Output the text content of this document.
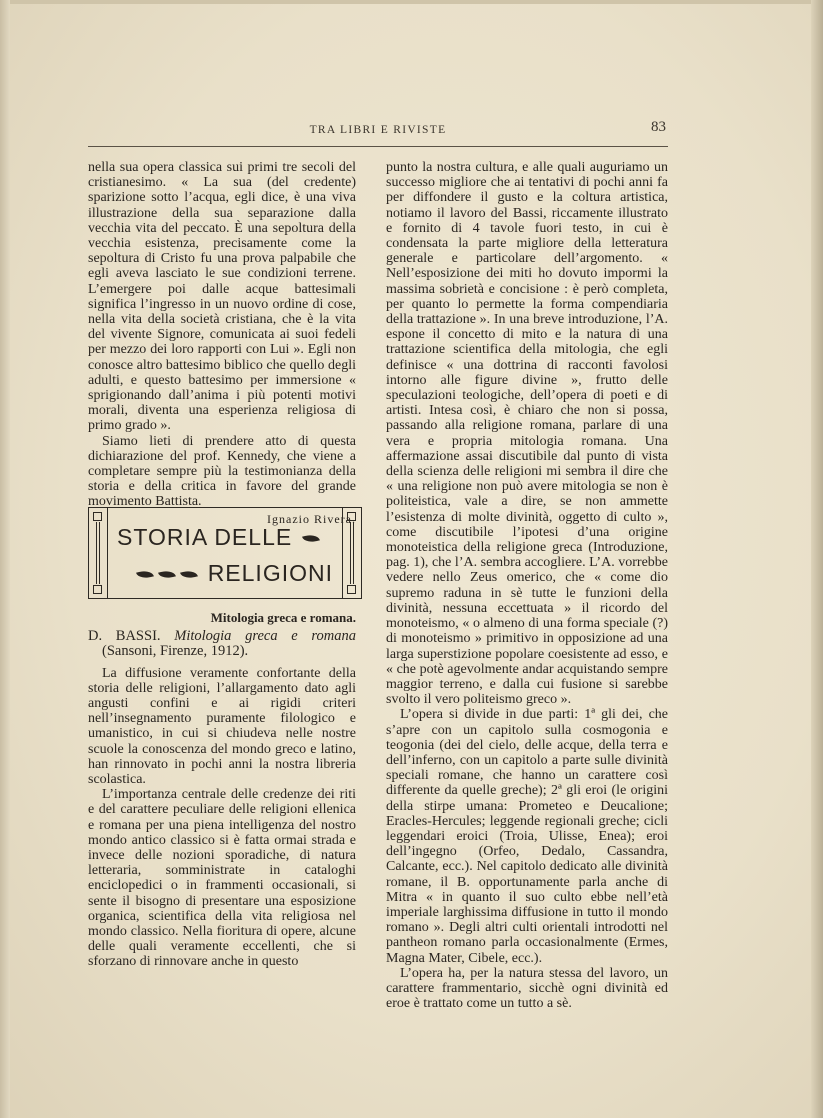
TRA LIBRI E RIVISTE	83

nella sua opera classica sui primi tre secoli del cristianesimo. « La sua (del credente) sparizione sotto l’acqua, egli dice, è una viva illustrazione della sua separazione dalla vecchia vita del peccato. È una sepoltura della vecchia esistenza, precisamente come la sepoltura di Cristo fu una prova palpabile che egli aveva lasciato le sue condizioni terrene. L’emergere poi dalle acque battesimali significa l’ingresso in un nuovo ordine di cose, nella vita della società cristiana, che è la vita del vivente Signore, comunicata ai suoi fedeli per mezzo dei loro rapporti con Lui ». Egli non conosce altro battesimo biblico che quello degli adulti, e questo battesimo per immersione « sprigionando dall’anima i più potenti motivi morali, diventa una esperienza religiosa di primo grado ».

Siamo lieti di prendere atto di questa dichiarazione del prof. Kennedy, che viene a completare sempre più la testimonianza della storia e della critica in favore del grande movimento Battista.

Ignazio Rivera.
STORIA DELLE
RELIGIONI
Mitologia greca e romana.

D. BASSI. Mitologia greca e romana (Sansoni, Firenze, 1912).

La diffusione veramente confortante della storia delle religioni, l’allargamento dato agli angusti confini e ai rigidi criteri nell’insegnamento puramente filologico e umanistico, in cui si chiudeva nelle nostre scuole la conoscenza del mondo greco e latino, han rinnovato in pochi anni la nostra libreria scolastica.

L’importanza centrale delle credenze dei riti e del carattere peculiare delle religioni ellenica e romana per una piena intelligenza del nostro mondo antico classico si è fatta ormai strada e invece delle nozioni sporadiche, di natura letteraria, somministrate in cataloghi enciclopedici o in frammenti occasionali, si sente il bisogno di presentare una esposizione organica, scientifica della vita religiosa nel mondo classico. Nella fioritura di opere, alcune delle quali veramente eccellenti, che si sforzano di rinnovare anche in questo

punto la nostra cultura, e alle quali auguriamo un successo migliore che ai tentativi di pochi anni fa per diffondere il gusto e la coltura artistica, notiamo il lavoro del Bassi, riccamente illustrato e fornito di 4 tavole fuori testo, in cui è condensata la parte migliore della letteratura generale e particolare dell’argomento. « Nell’esposizione dei miti ho dovuto impormi la massima sobrietà e concisione : è però completa, per quanto lo permette la forma compendiaria della trattazione ». In una breve introduzione, l’A. espone il concetto di mito e la natura di una trattazione scientifica della mitologia, che egli definisce « una dottrina di racconti favolosi intorno alle figure divine », frutto delle speculazioni teologiche, dell’opera di poeti e di artisti. Intesa così, è chiaro che non si possa, passando alla religione romana, parlare di una vera e propria mitologia romana. Una affermazione assai discutibile dal punto di vista della scienza delle religioni mi sembra il dire che « una religione non può avere mitologia se non è politeistica, vale a dire, se non ammette l’esistenza di molte divinità, oggetto di culto », come discutibile l’ipotesi d’una origine monoteistica della religione greca (Introduzione, pag. 1), che l’A. sembra accogliere. L’A. vorrebbe vedere nello Zeus omerico, che « come dio supremo raduna in sè tutte le funzioni della divinità, nessuna eccettuata » il ricordo del monoteismo, « o almeno di una forma speciale (?) di monoteismo » primitivo in opposizione ad una larga superstizione popolare coesistente ad esso, e « che potè agevolmente andar acquistando sempre maggior terreno, e dalla cui fusione si sarebbe svolto il vero politeismo greco ».

L’opera si divide in due parti: 1ª gli dei, che s’apre con un capitolo sulla cosmogonia e teogonia (dei del cielo, delle acque, della terra e dell’inferno, con un capitolo a parte sulle divinità speciali romane, che hanno un carattere così differente da quelle greche); 2ª gli eroi (le origini della stirpe umana: Prometeo e Deucalione; Eracles-Hercules; leggende regionali greche; cicli leggendari eroici (Troia, Ulisse, Enea); eroi dell’ingegno (Orfeo, Dedalo, Cassandra, Calcante, ecc.). Nel capitolo dedicato alle divinità romane, il B. opportunamente parla anche di Mitra « in quanto il suo culto ebbe nell’età imperiale larghissima diffusione in tutto il mondo romano ». Degli altri culti orientali introdotti nel pantheon romano parla occasionalmente (Ermes, Magna Mater, Cibele, ecc.).

L’opera ha, per la natura stessa del lavoro, un carattere frammentario, sicchè ogni divinità ed eroe è trattato come un tutto a sè.
